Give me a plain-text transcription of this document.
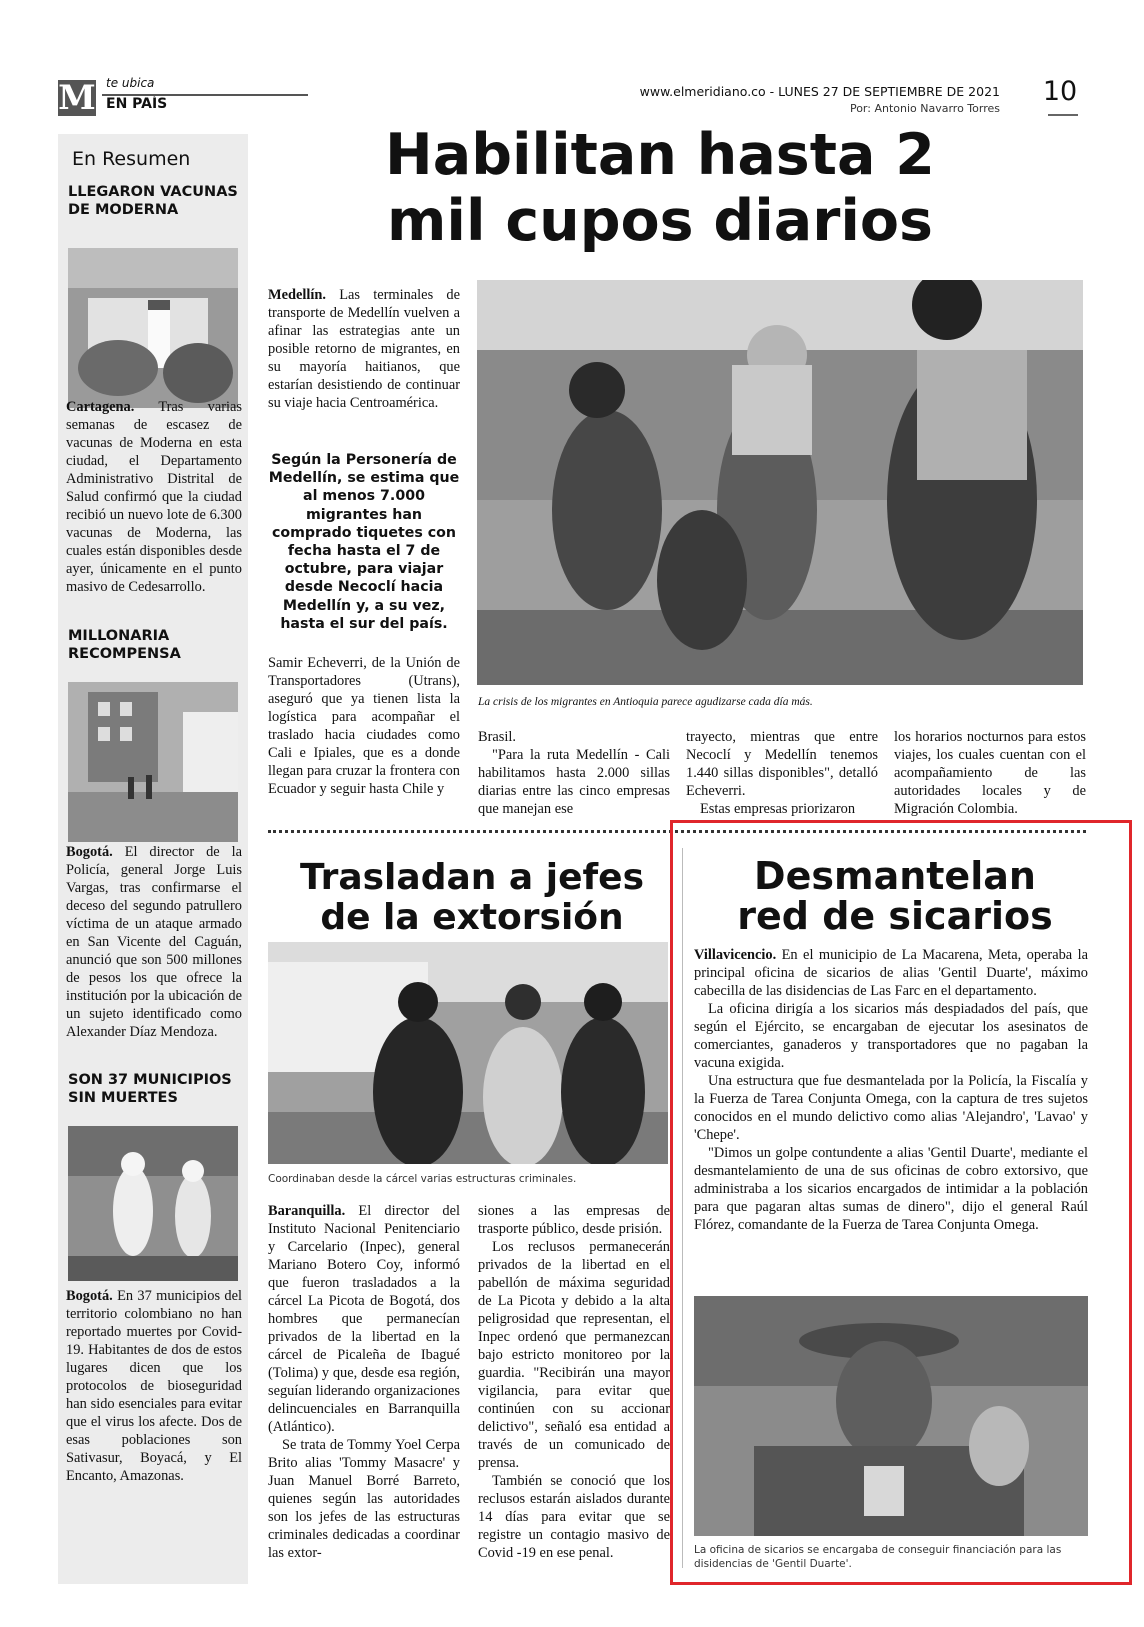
M te ubica
EN PAÍS
www.elmeridiano.co - LUNES 27 DE SEPTIEMBRE DE 2021
Por: Antonio Navarro Torres
10
En Resumen
LLEGARON VACUNAS DE MODERNA
Cartagena. Tras varias semanas de escasez de vacunas de Moderna en esta ciudad, el Departamento Administrativo Distrital de Salud confirmó que la ciudad recibió un nuevo lote de 6.300 vacunas de Moderna, las cuales están disponibles desde ayer, únicamente en el punto masivo de Cedesarrollo.
MILLONARIA RECOMPENSA
Bogotá. El director de la Policía, general Jorge Luis Vargas, tras confirmarse el deceso del segundo patrullero víctima de un ataque armado en San Vicente del Caguán, anunció que son 500 millones de pesos los que ofrece la institución por la ubicación de un sujeto identificado como Alexander Díaz Mendoza.
SON 37 MUNICIPIOS SIN MUERTES
Bogotá. En 37 municipios del territorio colombiano no han reportado muertes por Covid-19. Habitantes de dos de estos lugares dicen que los protocolos de bioseguridad han sido esenciales para evitar que el virus los afecte. Dos de esas poblaciones son Sativasur, Boyacá, y El Encanto, Amazonas.
Habilitan hasta 2
mil cupos diarios
Medellín. Las terminales de transporte de Medellín vuelven a afinar las estrategias ante un posible retorno de migrantes, en su mayoría haitianos, que estarían desistiendo de continuar su viaje hacia Centroamérica.
Según la Personería de Medellín, se estima que al menos 7.000 migrantes han comprado tiquetes con fecha hasta el 7 de octubre, para viajar desde Necoclí hacia Medellín y, a su vez, hasta el sur del país.
Samir Echeverri, de la Unión de Transportadores (Utrans), aseguró que ya tienen lista la logística para acompañar el traslado hacia ciudades como Cali e Ipiales, que es a donde llegan para cruzar la frontera con Ecuador y seguir hasta Chile y
La crisis de los migrantes en Antioquia parece agudizarse cada día más.

Brasil.

"Para la ruta Medellín - Cali habilitamos hasta 2.000 sillas diarias entre las cinco empresas que manejan ese

trayecto, mientras que entre Necoclí y Medellín tenemos 1.440 sillas disponibles", detalló Echeverri.

Estas empresas priorizaron

los horarios nocturnos para estos viajes, los cuales cuentan con el acompañamiento de las autoridades locales y de Migración Colombia.
Trasladan a jefes
de la extorsión
Coordinaban desde la cárcel varias estructuras criminales.

Baranquilla. El director del Instituto Nacional Penitenciario y Carcelario (Inpec), general Mariano Botero Coy, informó que fueron trasladados a la cárcel La Picota de Bogotá, dos hombres que permanecían privados de la libertad en la cárcel de Picaleña de Ibagué (Tolima) y que, desde esa región, seguían liderando organizaciones delincuenciales en Barranquilla (Atlántico).

Se trata de Tommy Yoel Cerpa Brito alias 'Tommy Masacre' y Juan Manuel Borré Barreto, quienes según las autoridades son los jefes de las estructuras criminales dedicadas a coordinar las extor-

siones a las empresas de trasporte público, desde prisión.

Los reclusos permanecerán privados de la libertad en el pabellón de máxima seguridad de La Picota y debido a la alta peligrosidad que representan, el Inpec ordenó que permanezcan bajo estricto monitoreo por la guardia. "Recibirán una mayor vigilancia, para evitar que continúen con su accionar delictivo", señaló esa entidad a través de un comunicado de prensa.

También se conoció que los reclusos estarán aislados durante 14 días para evitar que se registre un contagio masivo de Covid -19 en ese penal.

Desmantelan
red de sicarios

Villavicencio. En el municipio de La Macarena, Meta, operaba la principal oficina de sicarios de alias 'Gentil Duarte', máximo cabecilla de las disidencias de Las Farc en el departamento.

La oficina dirigía a los sicarios más despiadados del país, que según el Ejército, se encargaban de ejecutar los asesinatos de comerciantes, ganaderos y transportadores que no pagaban la vacuna exigida.

Una estructura que fue desmantelada por la Policía, la Fiscalía y la Fuerza de Tarea Conjunta Omega, con la captura de tres sujetos conocidos en el mundo delictivo como alias 'Alejandro', 'Lavao' y 'Chepe'.

"Dimos un golpe contundente a alias 'Gentil Duarte', mediante el desmantelamiento de una de sus oficinas de cobro extorsivo, que administraba a los sicarios encargados de intimidar a la población para que pagaran altas sumas de dinero", dijo el general Raúl Flórez, comandante de la Fuerza de Tarea Conjunta Omega.

La oficina de sicarios se encargaba de conseguir financiación para las disidencias de 'Gentil Duarte'.
